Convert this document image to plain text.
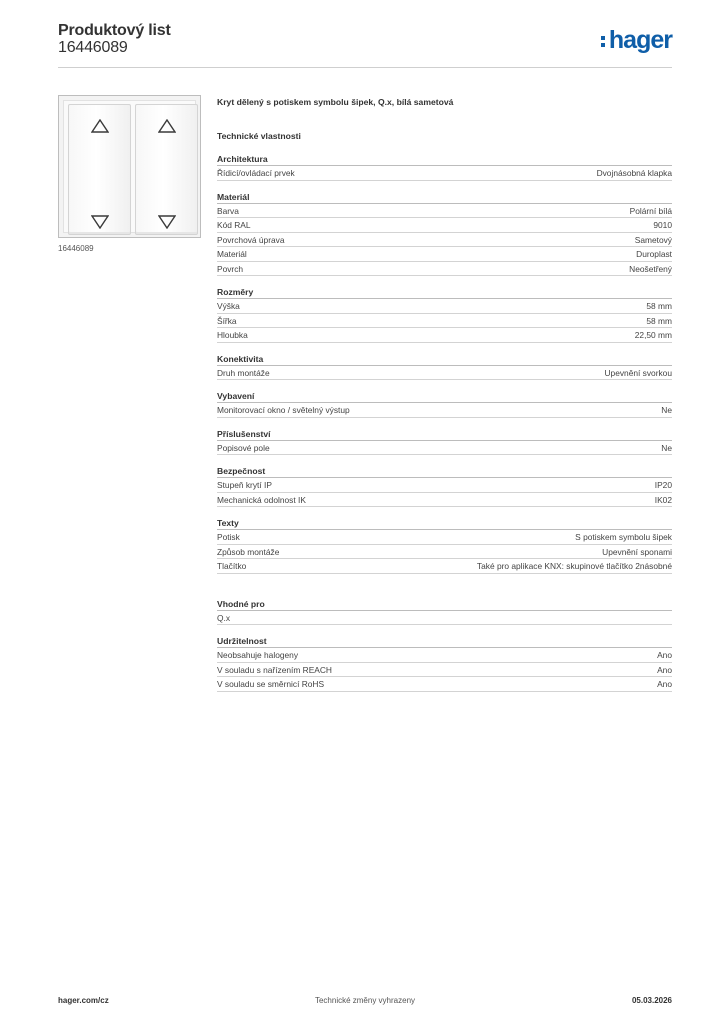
Produktový list
16446089	hager
16446089
Kryt dělený s potiskem symbolu šipek, Q.x, bílá sametová
Technické vlastnosti
Architektura
Řídicí/ovládací prvek	Dvojnásobná klapka
Materiál
Barva	Polární bílá
Kód RAL	9010
Povrchová úprava	Sametový
Materiál	Duroplast
Povrch	Neošetřený
Rozměry
Výška	58 mm
Šířka	58 mm
Hloubka	22,50 mm
Konektivita
Druh montáže	Upevnění svorkou
Vybavení
Monitorovací okno / světelný výstup	Ne
Příslušenství
Popisové pole	Ne
Bezpečnost
Stupeň krytí IP	IP20
Mechanická odolnost IK	IK02
Texty
Potisk	S potiskem symbolu šipek
Způsob montáže	Upevnění sponami
Tlačítko	Také pro aplikace KNX: skupinové tlačítko 2násobné
Vhodné pro
Q.x
Udržitelnost
Neobsahuje halogeny	Ano
V souladu s nařízením REACH	Ano
V souladu se směrnicí RoHS	Ano
hager.com/cz	Technické změny vyhrazeny	05.03.2026
